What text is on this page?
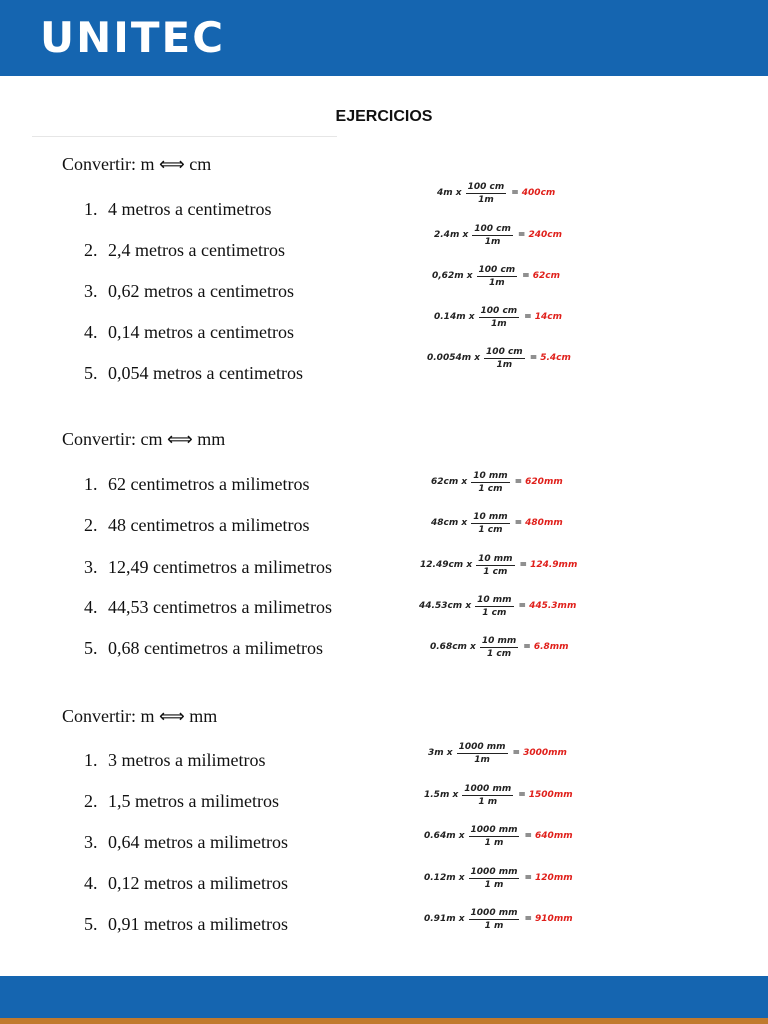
UNITEC
EJERCICIOS
Convertir: m ⟺ cm
1. 4 metros a centimetros
2. 2,4 metros a centimetros
3. 0,62 metros a centimetros
4. 0,14 metros a centimetros
5. 0,054 metros a centimetros
4m x $\frac{100 cm}{1m} = 400cm$
2.4m x $\frac{100 cm}{1m} = 240cm$
0,62m x $\frac{100 cm}{1m} = 62cm$
0.14m x $\frac{100 cm}{1m} = 14cm$
0.0054m x $\frac{100 cm}{1m} = 5.4cm$
Convertir: cm ⟺ mm
1. 62 centimetros a milimetros
2. 48 centimetros a milimetros
3. 12,49 centimetros a milimetros
4. 44,53 centimetros a milimetros
5. 0,68 centimetros a milimetros
62cm x $\frac{10 mm}{1 cm} = 620mm$
48cm x $\frac{10 mm}{1 cm} = 480mm$
12.49cm x $\frac{10 mm}{1 cm} = 124.9mm$
44.53cm x $\frac{10 mm}{1 cm} = 445.3mm$
0.68cm x $\frac{10 mm}{1 cm} = 6.8mm$
Convertir: m ⟺ mm
1. 3 metros a milimetros
2. 1,5 metros a milimetros
3. 0,64 metros a milimetros
4. 0,12 metros a milimetros
5. 0,91 metros a milimetros
3m x $\frac{1000 mm}{1m} = 3000mm$
1.5m x $\frac{1000 mm}{1 m} = 1500mm$
0.64m x $\frac{1000 mm}{1 m} = 640mm$
0.12m x $\frac{1000 mm}{1 m} = 120mm$
0.91m x $\frac{1000 mm}{1 m} = 910mm$
